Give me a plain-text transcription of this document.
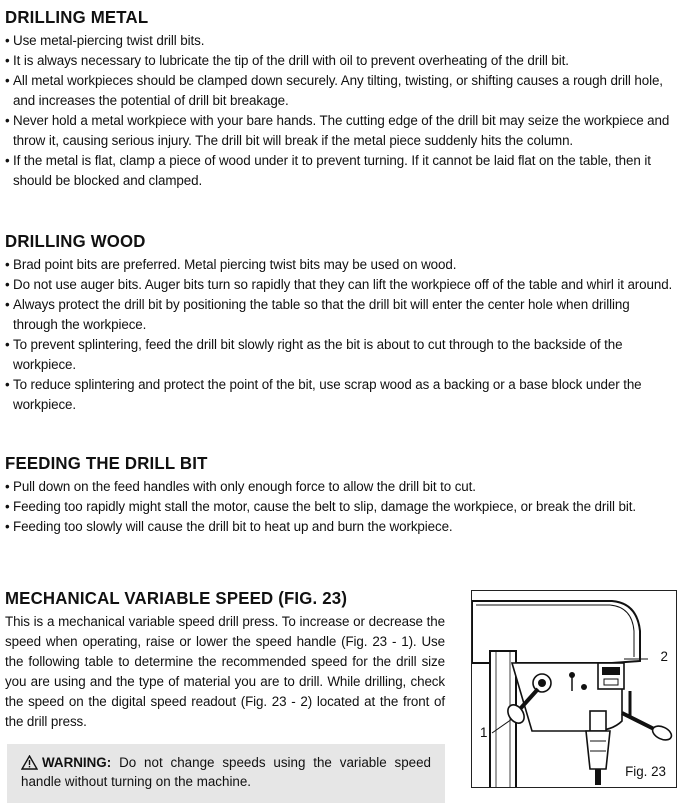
DRILLING METAL
• Use metal-piercing twist drill bits.
• It is always necessary to lubricate the tip of the drill with oil to prevent overheating of the drill bit.
• All metal workpieces should be clamped down securely. Any tilting, twisting, or shifting causes a rough drill hole, and increases the potential of drill bit breakage.
• Never hold a metal workpiece with your bare hands. The cutting edge of the drill bit may seize the workpiece and throw it, causing serious injury. The drill bit will break if the metal piece suddenly hits the column.
• If the metal is flat, clamp a piece of wood under it to prevent turning. If it cannot be laid flat on the table, then it should be blocked and clamped.
DRILLING WOOD
• Brad point bits are preferred. Metal piercing twist bits may be used on wood.
• Do not use auger bits. Auger bits turn so rapidly that they can lift the workpiece off of the table and whirl it around.
• Always protect the drill bit by positioning the table so that the drill bit will enter the center hole when drilling through the workpiece.
• To prevent splintering, feed the drill bit slowly right as the bit is about to cut through to the backside of the workpiece.
• To reduce splintering and protect the point of the bit, use scrap wood as a backing or a base block under the workpiece.
FEEDING THE DRILL BIT
• Pull down on the feed handles with only enough force to allow the drill bit to cut.
• Feeding too rapidly might stall the motor, cause the belt to slip, damage the workpiece, or break the drill bit.
• Feeding too slowly will cause the drill bit to heat up and burn the workpiece.
MECHANICAL VARIABLE SPEED (FIG. 23)
This is a mechanical variable speed drill press. To increase or decrease the speed when operating, raise or lower the speed handle (Fig. 23 - 1). Use the following table to determine the recommended speed for the drill size you are using and the type of material you are to drill. While drilling, check the speed on the digital speed readout (Fig. 23 - 2) located at the front of the drill press.
WARNING: Do not change speeds using the variable speed handle without turning on the machine.
2
1
Fig. 23
